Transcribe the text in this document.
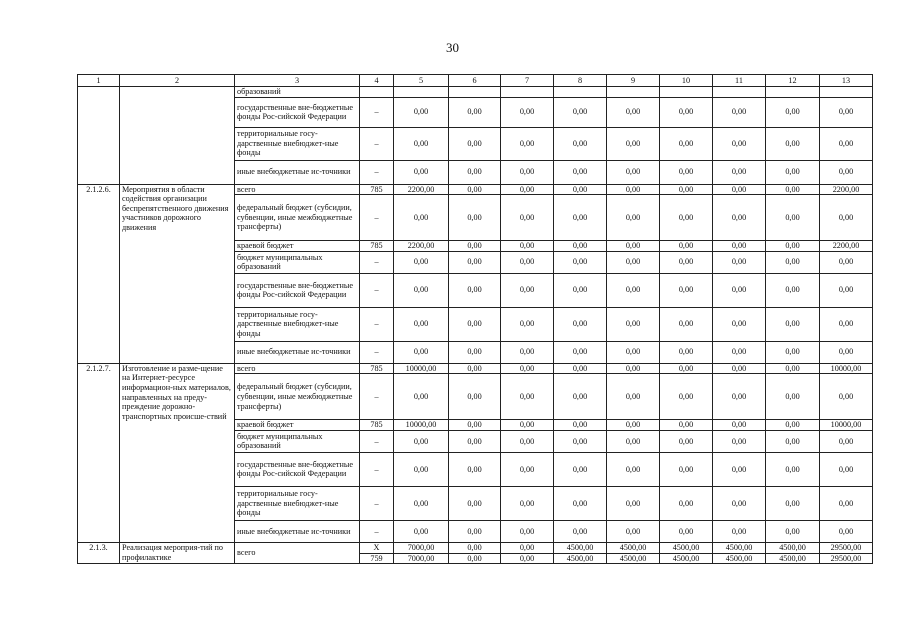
30
1	2	3	4	5	6	7	8	9	10	11	12	13
		образований										
		государственные вне-бюджетные фонды Рос-сийской Федерации	–	0,00	0,00	0,00	0,00	0,00	0,00	0,00	0,00	0,00
		территориальные госу-дарственные внебюджет-ные фонды	–	0,00	0,00	0,00	0,00	0,00	0,00	0,00	0,00	0,00
		иные внебюджетные ис-точники	–	0,00	0,00	0,00	0,00	0,00	0,00	0,00	0,00	0,00
2.1.2.6.	Мероприятия в области содействия организации беспрепятственного движения участников дорожного движения	всего	785	2200,00	0,00	0,00	0,00	0,00	0,00	0,00	0,00	2200,00
		федеральный бюджет (субсидии, субвенции, иные межбюджетные трансферты)	–	0,00	0,00	0,00	0,00	0,00	0,00	0,00	0,00	0,00
		краевой бюджет	785	2200,00	0,00	0,00	0,00	0,00	0,00	0,00	0,00	2200,00
		бюджет муниципальных образований	–	0,00	0,00	0,00	0,00	0,00	0,00	0,00	0,00	0,00
		государственные вне-бюджетные фонды Рос-сийской Федерации	–	0,00	0,00	0,00	0,00	0,00	0,00	0,00	0,00	0,00
		территориальные госу-дарственные внебюджет-ные фонды	–	0,00	0,00	0,00	0,00	0,00	0,00	0,00	0,00	0,00
		иные внебюджетные ис-точники	–	0,00	0,00	0,00	0,00	0,00	0,00	0,00	0,00	0,00
2.1.2.7.	Изготовление и разме-щение на Интернет-ресурсе информацион-ных материалов, направленных на преду-преждение дорожно-транспортных происше-ствий	всего	785	10000,00	0,00	0,00	0,00	0,00	0,00	0,00	0,00	10000,00
		федеральный бюджет (субсидии, субвенции, иные межбюджетные трансферты)	–	0,00	0,00	0,00	0,00	0,00	0,00	0,00	0,00	0,00
		краевой бюджет	785	10000,00	0,00	0,00	0,00	0,00	0,00	0,00	0,00	10000,00
		бюджет муниципальных образований	–	0,00	0,00	0,00	0,00	0,00	0,00	0,00	0,00	0,00
		государственные вне-бюджетные фонды Рос-сийской Федерации	–	0,00	0,00	0,00	0,00	0,00	0,00	0,00	0,00	0,00
		территориальные госу-дарственные внебюджет-ные фонды	–	0,00	0,00	0,00	0,00	0,00	0,00	0,00	0,00	0,00
		иные внебюджетные ис-точники	–	0,00	0,00	0,00	0,00	0,00	0,00	0,00	0,00	0,00
2.1.3.	Реализация мероприя-тий по профилактике	всего	X	7000,00	0,00	0,00	4500,00	4500,00	4500,00	4500,00	4500,00	29500,00
			759	7000,00	0,00	0,00	4500,00	4500,00	4500,00	4500,00	4500,00	29500,00
